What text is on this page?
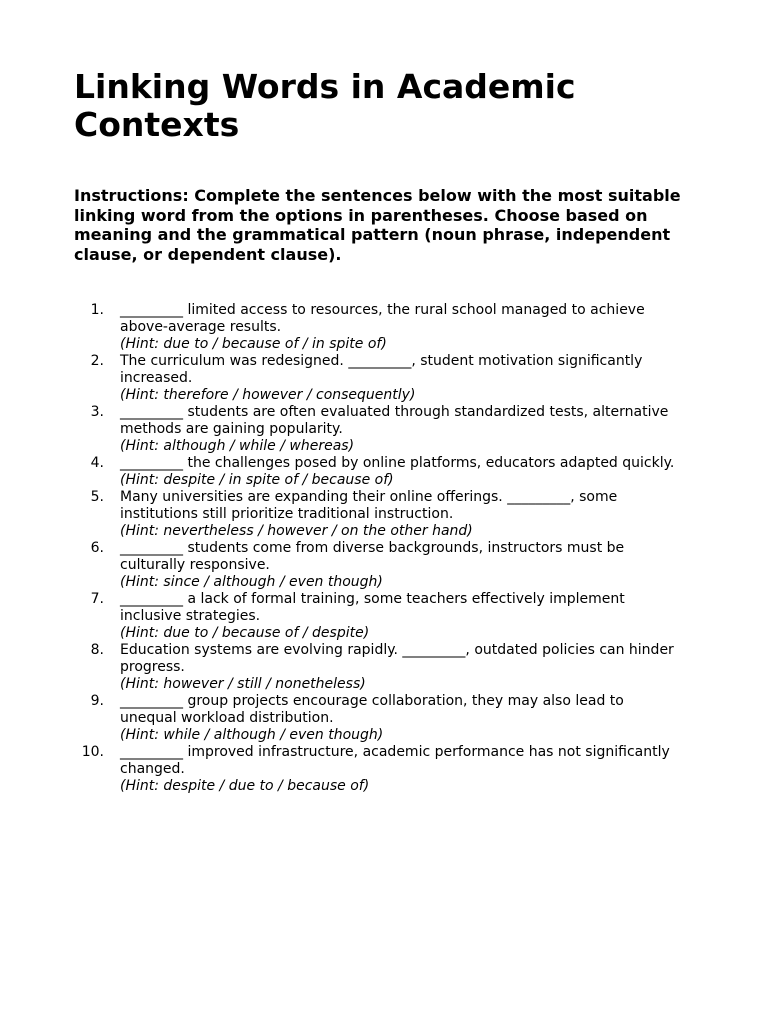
Linking Words in Academic Contexts

Instructions: Complete the sentences below with the most suitable linking word from the options in parentheses. Choose based on meaning and the grammatical pattern (noun phrase, independent clause, or dependent clause).

1. _________ limited access to resources, the rural school managed to achieve above-average results.
(Hint: due to / because of / in spite of)
2. The curriculum was redesigned. _________, student motivation significantly increased.
(Hint: therefore / however / consequently)
3. _________ students are often evaluated through standardized tests, alternative methods are gaining popularity.
(Hint: although / while / whereas)
4. _________ the challenges posed by online platforms, educators adapted quickly.
(Hint: despite / in spite of / because of)
5. Many universities are expanding their online offerings. _________, some institutions still prioritize traditional instruction.
(Hint: nevertheless / however / on the other hand)
6. _________ students come from diverse backgrounds, instructors must be culturally responsive.
(Hint: since / although / even though)
7. _________ a lack of formal training, some teachers effectively implement inclusive strategies.
(Hint: due to / because of / despite)
8. Education systems are evolving rapidly. _________, outdated policies can hinder progress.
(Hint: however / still / nonetheless)
9. _________ group projects encourage collaboration, they may also lead to unequal workload distribution.
(Hint: while / although / even though)
10. _________ improved infrastructure, academic performance has not significantly changed.
(Hint: despite / due to / because of)
